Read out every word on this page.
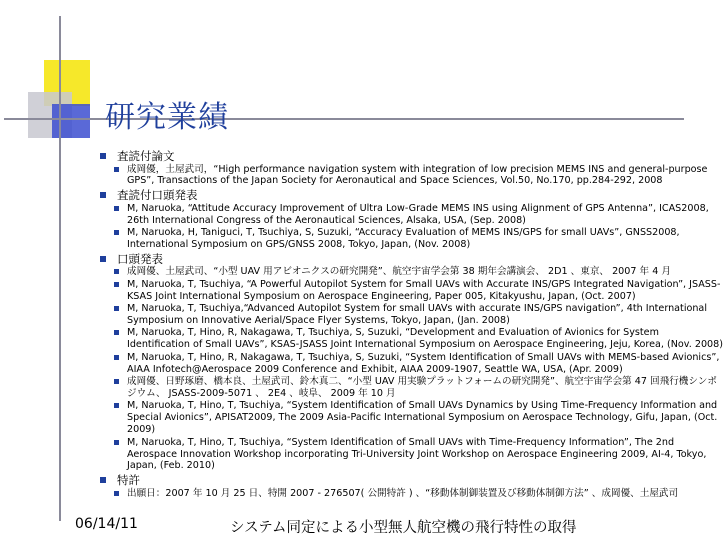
研究業績
査読付論文
成岡優，土屋武司，“High performance navigation system with integration of low precision MEMS INS and general-purpose GPS”, Transactions of the Japan Society for Aeronautical and Space Sciences, Vol.50, No.170, pp.284-292, 2008
査読付口頭発表
M, Naruoka, “Attitude Accuracy Improvement of Ultra Low-Grade MEMS INS using Alignment of GPS Antenna”, ICAS2008, 26th International Congress of the Aeronautical Sciences, Alsaka, USA, (Sep. 2008)
M, Naruoka, H, Taniguci, T, Tsuchiya, S, Suzuki, “Accuracy Evaluation of MEMS INS/GPS for small UAVs”, GNSS2008, International Symposium on GPS/GNSS 2008, Tokyo, Japan, (Nov. 2008)
口頭発表
成岡優、土屋武司、“小型 UAV 用アビオニクスの研究開発”、航空宇宙学会第 38 期年会講演会、 2D1 、東京、 2007 年 4 月
M, Naruoka, T, Tsuchiya, “A Powerful Autopilot System for Small UAVs with Accurate INS/GPS Integrated Navigation”, JSASS-KSAS Joint International Symposium on Aerospace Engineering, Paper 005, Kitakyushu, Japan, (Oct. 2007)
M, Naruoka, T, Tsuchiya,“Advanced Autopilot System for small UAVs with accurate INS/GPS navigation”, 4th International Symposium on Innovative Aerial/Space Flyer Systems, Tokyo, Japan, (Jan. 2008)
M, Naruoka, T, Hino, R, Nakagawa, T, Tsuchiya, S, Suzuki, “Development and Evaluation of Avionics for System Identification of Small UAVs”, KSAS-JSASS Joint International Symposium on Aerospace Engineering, Jeju, Korea, (Nov. 2008)
M, Naruoka, T, Hino, R, Nakagawa, T, Tsuchiya, S, Suzuki, “System Identification of Small UAVs with MEMS-based Avionics”, AIAA Infotech@Aerospace 2009 Conference and Exhibit, AIAA 2009-1907, Seattle WA, USA, (Apr. 2009)
成岡優、日野琢磨、橋本良、土屋武司、鈴木真二、“小型 UAV 用実験プラットフォームの研究開発”、航空宇宙学会第 47 回飛行機シンポジウム、 JSASS-2009-5071 、 2E4 、岐阜、 2009 年 10 月
M, Naruoka, T, Hino, T, Tsuchiya, “System Identification of Small UAVs Dynamics by Using Time-Frequency Information and Special Avionics”, APISAT2009, The 2009 Asia-Pacific International Symposium on Aerospace Technology, Gifu, Japan, (Oct. 2009)
M, Naruoka, T, Hino, T, Tsuchiya, “System Identification of Small UAVs with Time-Frequency Information”, The 2nd Aerospace Innovation Workshop incorporating Tri-University Joint Workshop on Aerospace Engineering 2009, AI-4, Tokyo, Japan, (Feb. 2010)
特許
出願日：2007 年 10 月 25 日、特開 2007 - 276507( 公開特許 ) 、“移動体制御装置及び移動体制御方法” 、成岡優、土屋武司
06/14/11	システム同定による小型無人航空機の飛行特性の取得
